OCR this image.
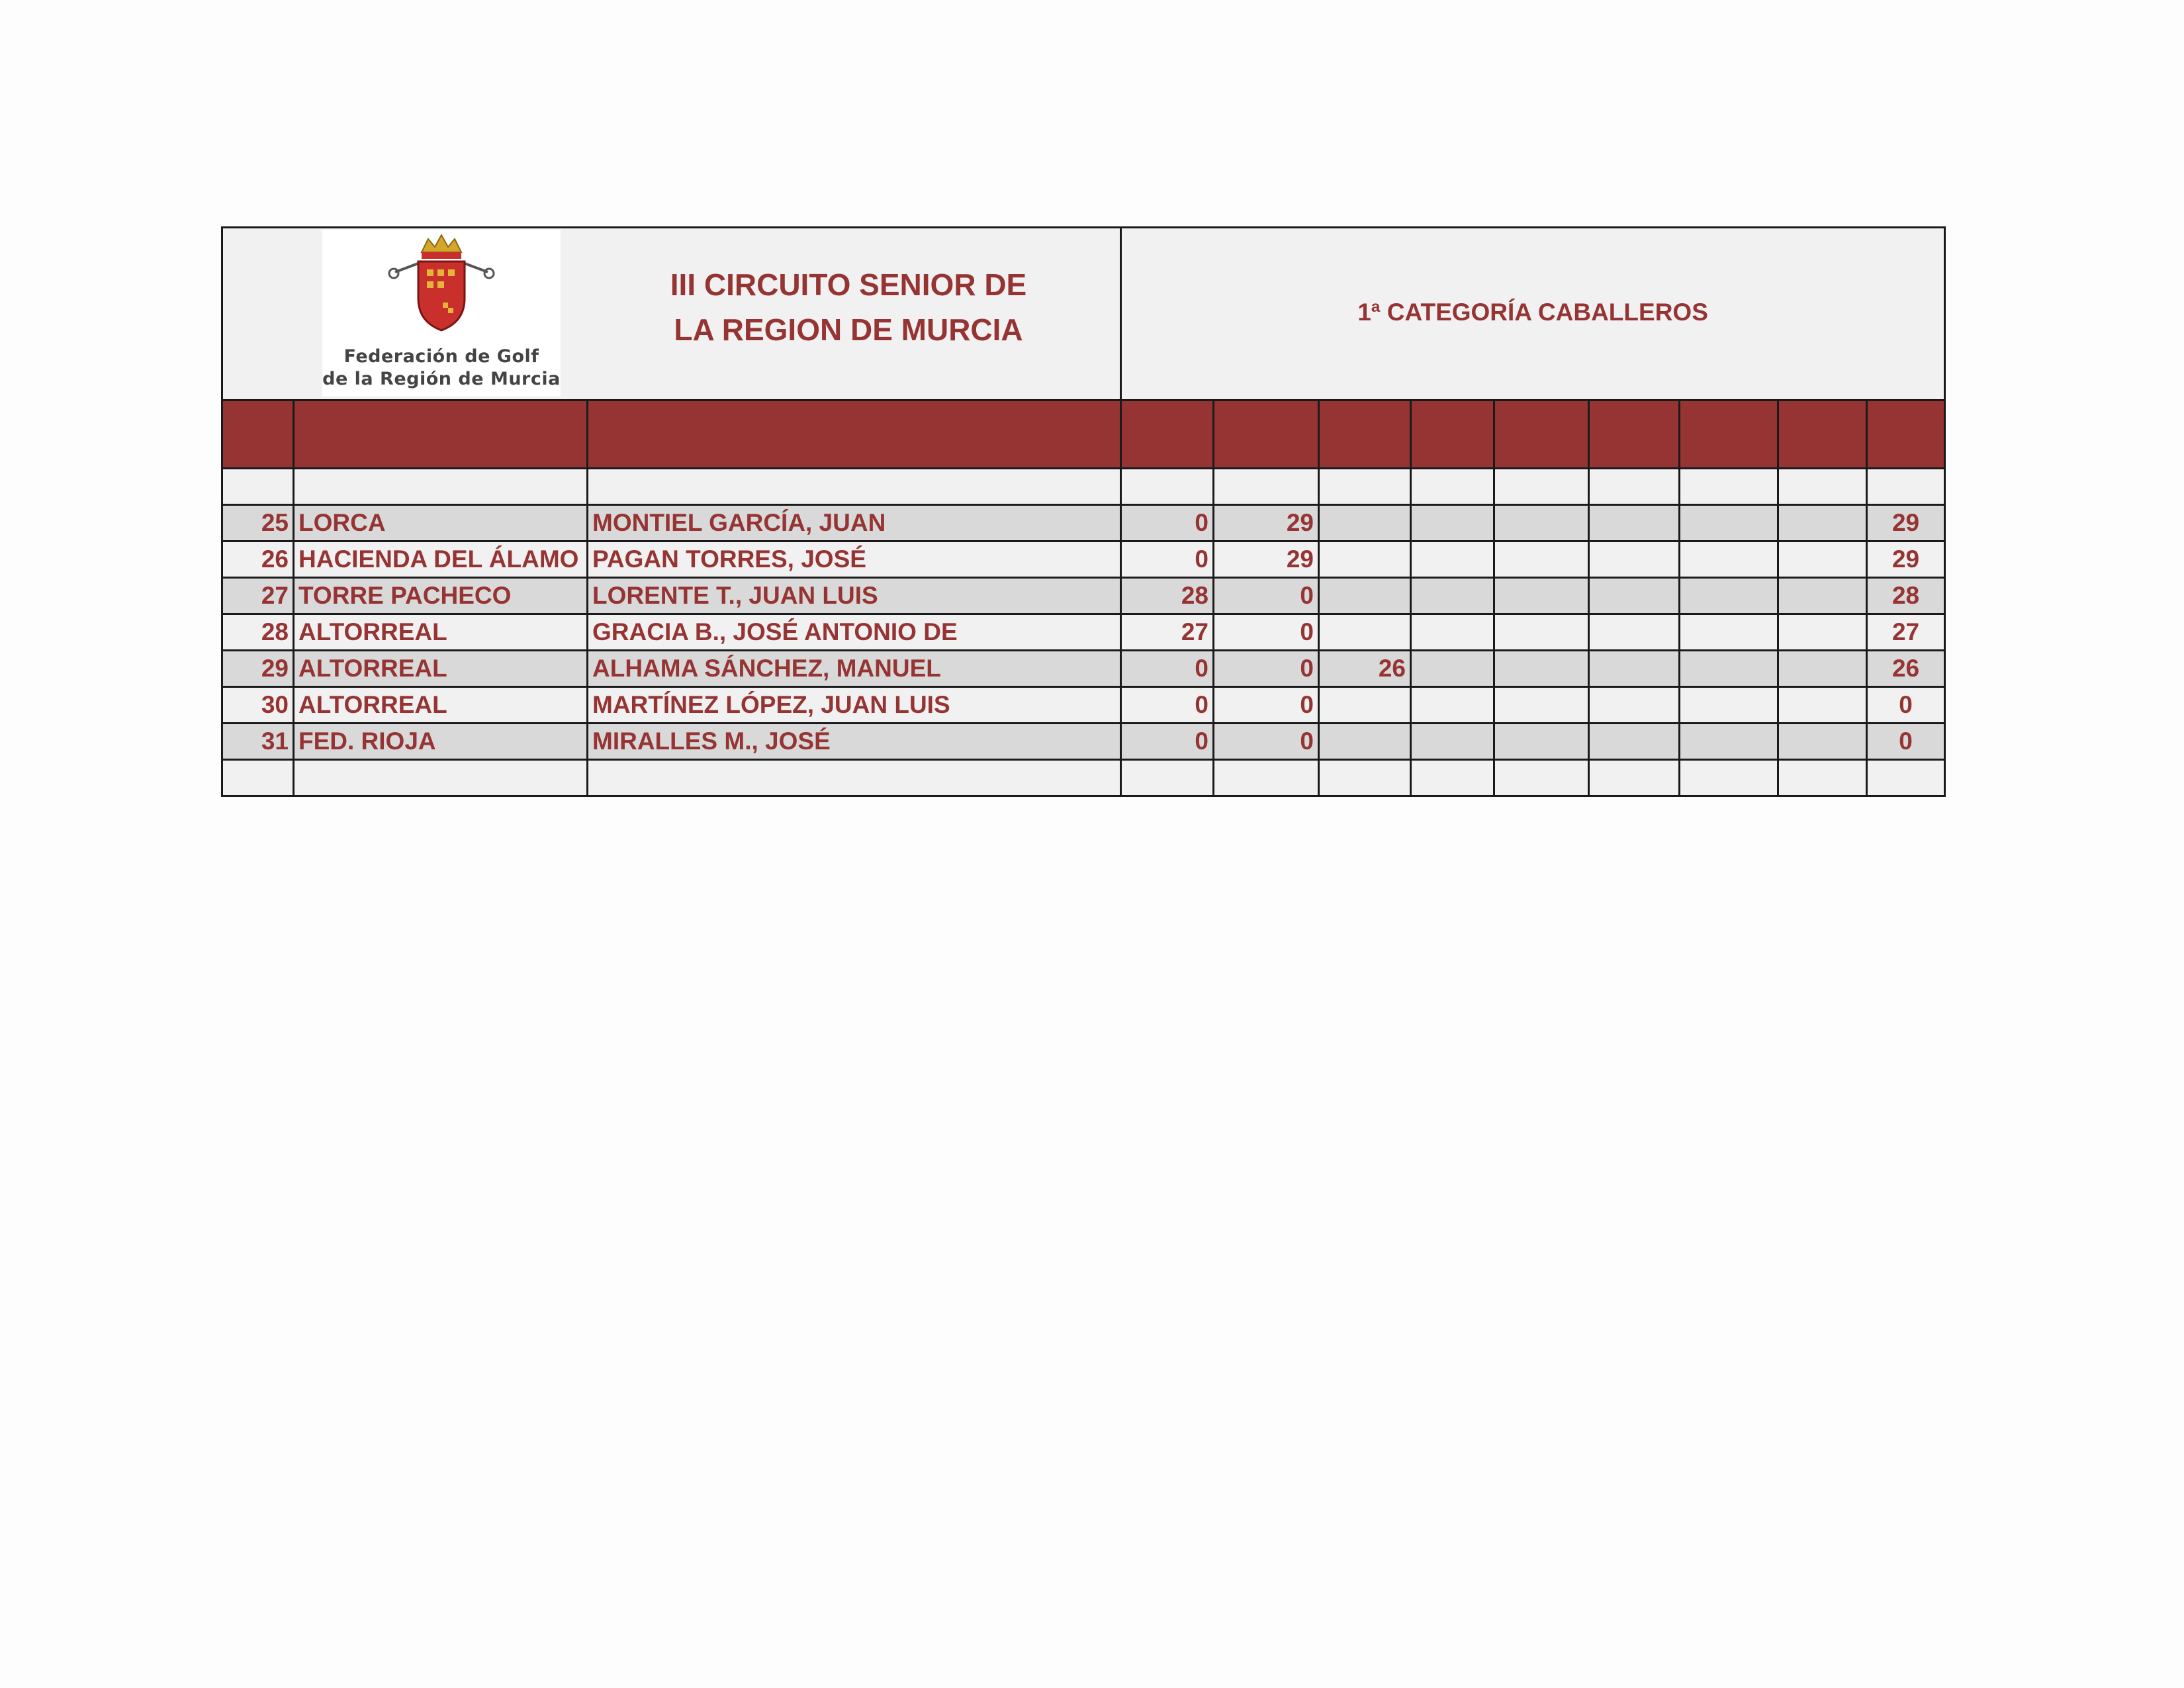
Federación de Golf
de la Región de Murcia
III CIRCUITO SENIOR DE
LA REGION DE MURCIA			1ª CATEGORÍA CABALLEROS								

Pos	Club	Nombre	25-Apr	29-May	19-Jun	4-Jul	9-Sep	4-Oct	20-Nov	2-Dec	Total

25	LORCA	MONTIEL GARCÍA, JUAN	0	29							29
26	HACIENDA DEL ÁLAMO	PAGAN TORRES, JOSÉ	0	29							29
27	TORRE PACHECO	LORENTE T., JUAN LUIS	28	0							28
28	ALTORREAL	GRACIA B., JOSÉ ANTONIO DE	27	0							27
29	ALTORREAL	ALHAMA SÁNCHEZ, MANUEL	0	0	26						26
30	ALTORREAL	MARTÍNEZ LÓPEZ, JUAN LUIS	0	0							0
31	FED. RIOJA	MIRALLES M., JOSÉ	0	0							0
